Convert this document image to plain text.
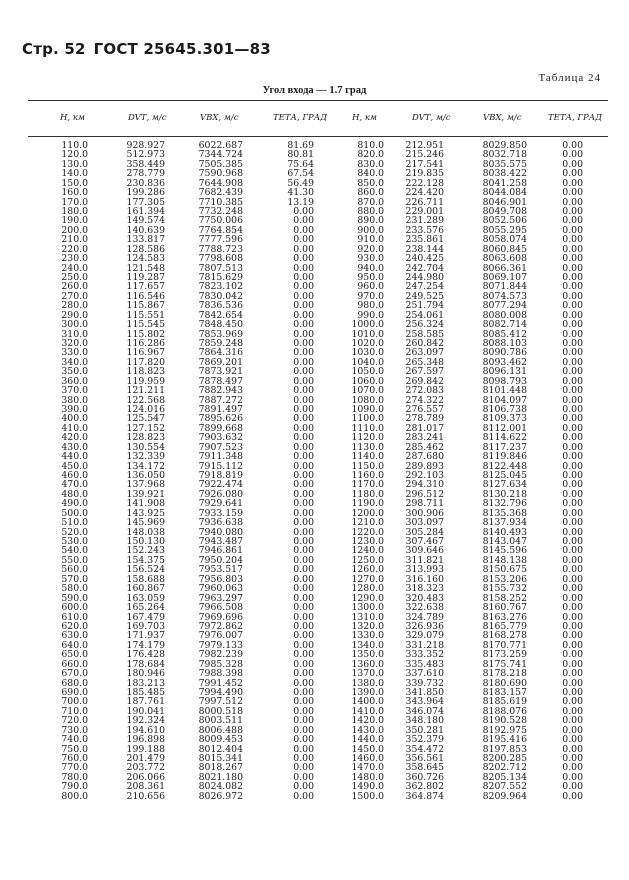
Стр. 52 ГОСТ 25645.301—83
Таблица 24
Угол входа — 1.7 град
Н, км	DVТ, м/с	VВХ, м/с	ТЕТА, ГРАД	Н, км	DVТ, м/с	VВХ, м/с	ТЕТА, ГРАД
110.0	928.927	6022.687	81.69	810.0 212.951	8029.850	0.00
120.0	512.973	7344.724	80.81	820.0 215.246	8032.718	0.00
130.0	358.449	7505.385	75.64	830.0 217.541	8035.575	0.00
140.0	278.779	7590.968	67.54	840.0 219.835	8038.422	0.00
150.0	230.836	7644.908	56.49	850.0 222.128	8041.258	0.00
160.0	199.286	7682.439	41.30	860.0 224.420	8044.084	0.00
170.0	177.305	7710.385	13.19	870.0 226.711	8046.901	0.00
180.0	161.394	7732.248	0.00	880.0 229.001	8049.708	0.00
190.0	149.574	7750.006	0.00	890.0 231.289	8052.506	0.00
200.0	140.639	7764.854	0.00	900.0 233.576	8055.295	0.00
210.0	133.817	7777.596	0.00	910.0 235.861	8058.074	0.00
220.0	128.586	7788.723	0.00	920.0 238.144	8060.845	0.00
230.0	124.583	7798.608	0.00	930.0 240.425	8063.608	0.00
240.0	121.548	7807.513	0.00	940.0 242.704	8066.361	0.00
250.0	119.287	7815.629	0.00	950.0 244.980	8069.107	0.00
260.0	117.657	7823.102	0.00	960.0 247.254	8071.844	0.00
270.0	116.546	7830.042	0.00	970.0 249.525	8074.573	0.00
280.0	115.867	7836.536	0.00	980.0 251.794	8077.294	0.00
290.0	115.551	7842.654	0.00	990.0 254.061	8080.008	0.00
300.0	115.545	7848.450	0.00	1000.0 256.324	8082.714	0.00
310.0	115.802	7853.969	0.00	1010.0 258.585	8085.412	0.00
320.0	116.286	7859.248	0.00	1020.0 260.842	8088.103	0.00
330.0	116.967	7864.316	0.00	1030.0 263.097	8090.786	0.00
340.0	117.820	7869.201	0.00	1040.0 265.348	8093.462	0.00
350.0	118.823	7873.921	0.00	1050.0 267.597	8096.131	0.00
360.0	119.959	7878.497	0.00	1060.0 269.842	8098.793	0.00
370.0	121.211	7882.943	0.00	1070.0 272.083	8101.448	0.00
380.0	122.568	7887.272	0.00	1080.0 274.322	8104.097	0.00
390.0	124.016	7891.497	0.00	1090.0 276.557	8106.738	0.00
400.0	125.547	7895.626	0.00	1100.0 278.789	8109.373	0.00
410.0	127.152	7899.668	0.00	1110.0 281.017	8112.001	0.00
420.0	128.823	7903.632	0.00	1120.0 283.241	8114.622	0.00
430.0	130.554	7907.523	0.00	1130.0 285.462	8117.237	0.00
440.0	132.339	7911.348	0.00	1140.0 287.680	8119.846	0.00
450.0	134.172	7915.112	0.00	1150.0 289.893	8122.448	0.00
460.0	136.050	7918.819	0.00	1160.0 292.103	8125.045	0.00
470.0	137.968	7922.474	0.00	1170.0 294.310	8127.634	0.00
480.0	139.921	7926.080	0.00	1180.0 296.512	8130.218	0.00
490.0	141.908	7929.641	0.00	1190.0 298.711	8132.796	0.00
500.0	143.925	7933.159	0.00	1200.0 300.906	8135.368	0.00
510.0	145.969	7936.638	0.00	1210.0 303.097	8137.934	0.00
520.0	148.038	7940.080	0.00	1220.0 305.284	8140.493	0.00
530.0	150.130	7943.487	0.00	1230.0 307.467	8143.047	0.00
540.0	152.243	7946.861	0.00	1240.0 309.646	8145.596	0.00
550.0	154.375	7950.204	0.00	1250.0 311.821	8148.138	0.00
560.0	156.524	7953.517	0.00	1260.0 313.993	8150.675	0.00
570.0	158.688	7956.803	0.00	1270.0 316.160	8153.206	0.00
580.0	160.867	7960.063	0.00	1280.0 318.323	8155.732	0.00
590.0	163.059	7963.297	0.00	1290.0 320.483	8158.252	0.00
600.0	165.264	7966.508	0.00	1300.0 322.638	8160.767	0.00
610.0	167.479	7969.696	0.00	1310.0 324.789	8163.276	0.00
620.0	169.703	7972.862	0.00	1320.0 326.936	8165.779	0.00
630.0	171.937	7976.007	0.00	1330.0 329.079	8168.278	0.00
640.0	174.179	7979.133	0.00	1340.0 331.218	8170.771	0.00
650.0	176.428	7982.239	0.00	1350.0 333.352	8173.259	0.00
660.0	178.684	7985.328	0.00	1360.0 335.483	8175.741	0.00
670.0	180.946	7988.398	0.00	1370.0 337.610	8178.218	0.00
680.0	183.213	7991.452	0.00	1380.0 339.732	8180.690	0.00
690.0	185.485	7994.490	0.00	1390.0 341.850	8183.157	0.00
700.0	187.761	7997.512	0.00	1400.0 343.964	8185.619	0.00
710.0	190.041	8000.518	0.00	1410.0 346.074	8188.076	0.00
720.0	192.324	8003.511	0.00	1420.0 348.180	8190.528	0.00
730.0	194.610	8006.488	0.00	1430.0 350.281	8192.975	0.00
740.0	196.898	8009.453	0.00	1440.0 352.379	8195.416	0.00
750.0	199.188	8012.404	0.00	1450.0 354.472	8197.853	0.00
760.0	201.479	8015.341	0.00	1460.0 356.561	8200.285	0.00
770.0	203.772	8018.267	0.00	1470.0 358.645	8202.712	0.00
780.0	206.066	8021.180	0.00	1480.0 360.726	8205.134	0.00
790.0	208.361	8024.082	0.00	1490.0 362.802	8207.552	0.00
800.0	210.656	8026.972	0.00	1500.0 364.874	8209.964	0.00
